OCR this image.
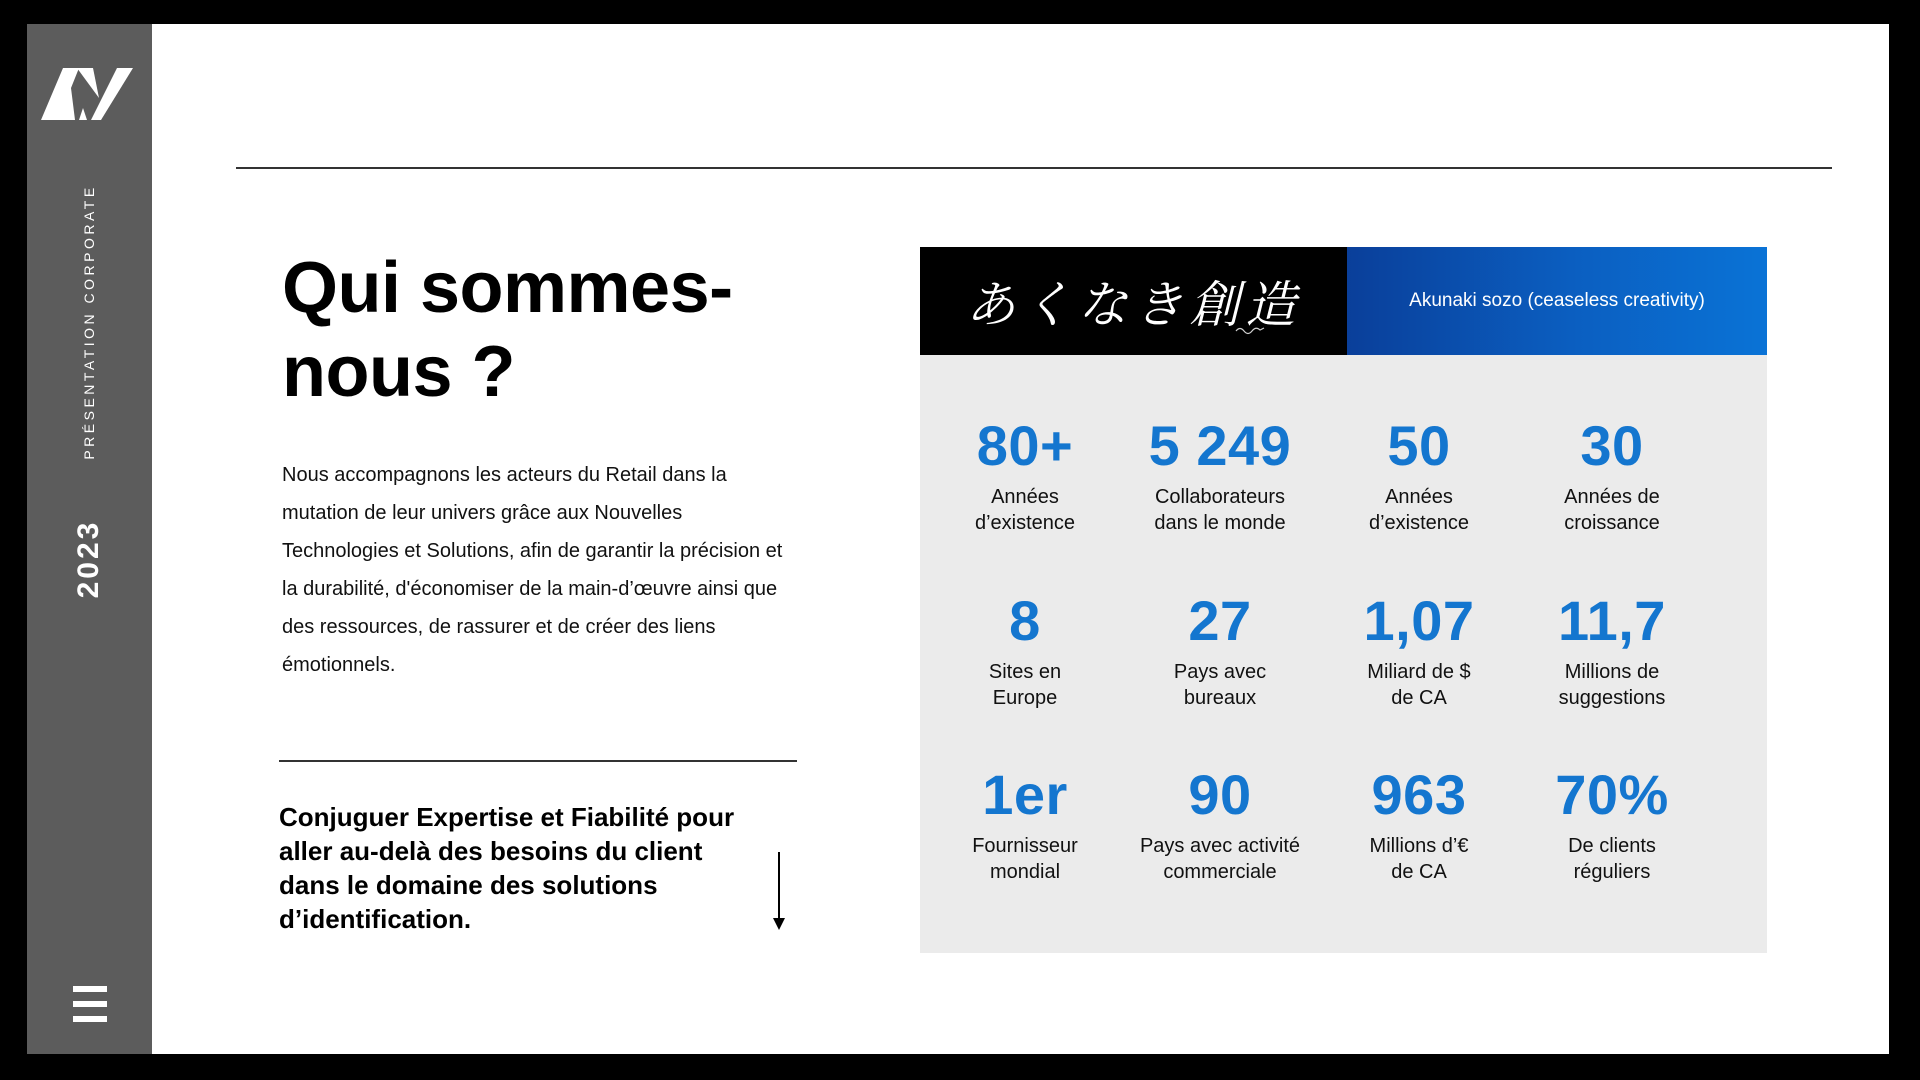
PRÉSENTATION CORPORATE
2023
Qui sommes-nous ?
Nous accompagnons les acteurs du Retail dans la mutation de leur univers grâce aux Nouvelles Technologies et Solutions, afin de garantir la précision et la durabilité, d'économiser de la main-d’œuvre ainsi que des ressources, de rassurer et de créer des liens émotionnels.
Conjuguer Expertise et Fiabilité pour aller au-delà des besoins du client dans le domaine des solutions d’identification.
あくなき創造	Akunaki sozo (ceaseless creativity)
80+
Années
d’existence
5 249
Collaborateurs
dans le monde
50
Années
d’existence
30
Années de
croissance
8
Sites en
Europe
27
Pays avec
bureaux
1,07
Miliard de $
de CA
11,7
Millions de
suggestions
1er
Fournisseur
mondial
90
Pays avec activité
commerciale
963
Millions d’€
de CA
70%
De clients
réguliers
